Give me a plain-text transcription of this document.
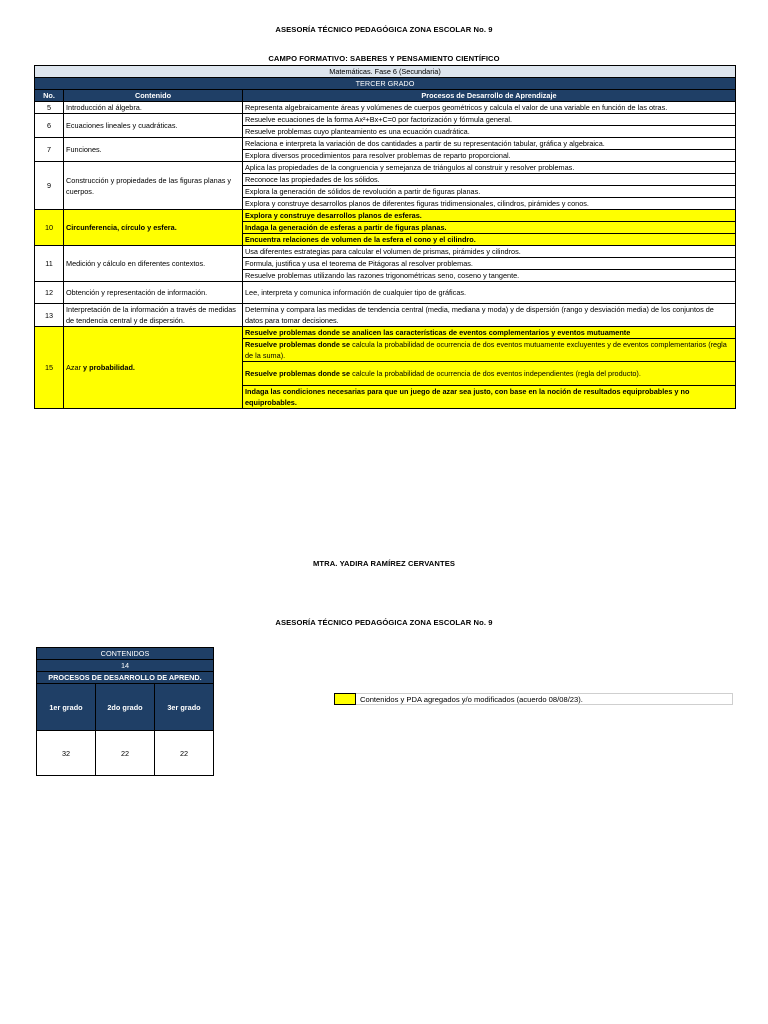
ASESORÍA TÉCNICO PEDAGÓGICA ZONA ESCOLAR No. 9
CAMPO FORMATIVO: SABERES Y PENSAMIENTO CIENTÍFICO
Matemáticas. Fase 6 (Secundaria)		
TERCER GRADO		
No.	Contenido	Procesos de Desarrollo de Aprendizaje
5	Introducción al álgebra.	Representa algebraicamente áreas y volúmenes de cuerpos geométricos y calcula el valor de una variable en función de las otras.
6	Ecuaciones lineales y cuadráticas.	Resuelve ecuaciones de la forma Ax²+Bx+C=0 por factorización y fórmula general.
		Resuelve problemas cuyo planteamiento es una ecuación cuadrática.
7	Funciones.	Relaciona e interpreta la variación de dos cantidades a partir de su representación tabular, gráfica y algebraica.
		Explora diversos procedimientos para resolver problemas de reparto proporcional.
9	Construcción y propiedades de las figuras planas y cuerpos.	Aplica las propiedades de la congruencia y semejanza de triángulos al construir y resolver problemas.
		Reconoce las propiedades de los sólidos.
		Explora la generación de sólidos de revolución a partir de figuras planas.
		Explora y construye desarrollos planos de diferentes figuras tridimensionales, cilindros, pirámides y conos.
10	Circunferencia, círculo y esfera.	Explora y construye desarrollos planos de esferas.
		Indaga la generación de esferas a partir de figuras planas.
		Encuentra relaciones de volumen de la esfera el cono y el cilindro.
11	Medición y cálculo en diferentes contextos.	Usa diferentes estrategias para calcular el volumen de prismas, pirámides y cilindros.
		Formula, justifica y usa el teorema de Pitágoras al resolver problemas.
		Resuelve problemas utilizando las razones trigonométricas seno, coseno y tangente.
12	Obtención y representación de información.	Lee, interpreta y comunica información de cualquier tipo de gráficas.
13	Interpretación de la información a través de medidas de tendencia central y de dispersión.	Determina y compara las medidas de tendencia central (media, mediana y moda) y de dispersión (rango y desviación media) de los conjuntos de datos para tomar decisiones.
15	Azar y probabilidad.	Resuelve problemas donde se analicen las características de eventos complementarios y eventos mutuamente
		Resuelve problemas donde se calcula la probabilidad de ocurrencia de dos eventos mutuamente excluyentes y de eventos complementarios (regla de la suma).
		Resuelve problemas donde se calcule la probabilidad de ocurrencia de dos eventos independientes (regla del producto).
		Indaga las condiciones necesarias para que un juego de azar sea justo, con base en la noción de resultados equiprobables y no equiprobables.
MTRA. YADIRA RAMÍREZ CERVANTES
ASESORÍA TÉCNICO PEDAGÓGICA ZONA ESCOLAR No. 9
CONTENIDOS		
14		
PROCESOS DE DESARROLLO DE APREND.		
1er grado	2do grado	3er grado
32	22	22
Contenidos y PDA agregados y/o modificados (acuerdo 08/08/23).
